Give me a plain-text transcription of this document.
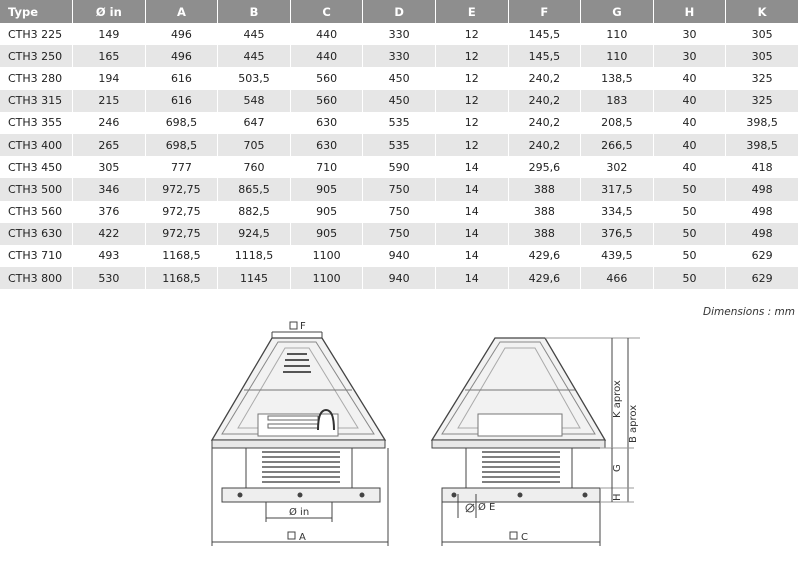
Type	Ø in	A	B	C	D	E	F	G	H	K
CTH3 225	149	496	445	440	330	12	145,5	110	30	305
CTH3 250	165	496	445	440	330	12	145,5	110	30	305
CTH3 280	194	616	503,5	560	450	12	240,2	138,5	40	325
CTH3 315	215	616	548	560	450	12	240,2	183	40	325
CTH3 355	246	698,5	647	630	535	12	240,2	208,5	40	398,5
CTH3 400	265	698,5	705	630	535	12	240,2	266,5	40	398,5
CTH3 450	305	777	760	710	590	14	295,6	302	40	418
CTH3 500	346	972,75	865,5	905	750	14	388	317,5	50	498
CTH3 560	376	972,75	882,5	905	750	14	388	334,5	50	498
CTH3 630	422	972,75	924,5	905	750	14	388	376,5	50	498
CTH3 710	493	1168,5	1118,5	1100	940	14	429,6	439,5	50	629
CTH3 800	530	1168,5	1145	1100	940	14	429,6	466	50	629
Dimensions : mm
F
Ø in
A
Ø E
C
K aprox
B aprox
G
H
